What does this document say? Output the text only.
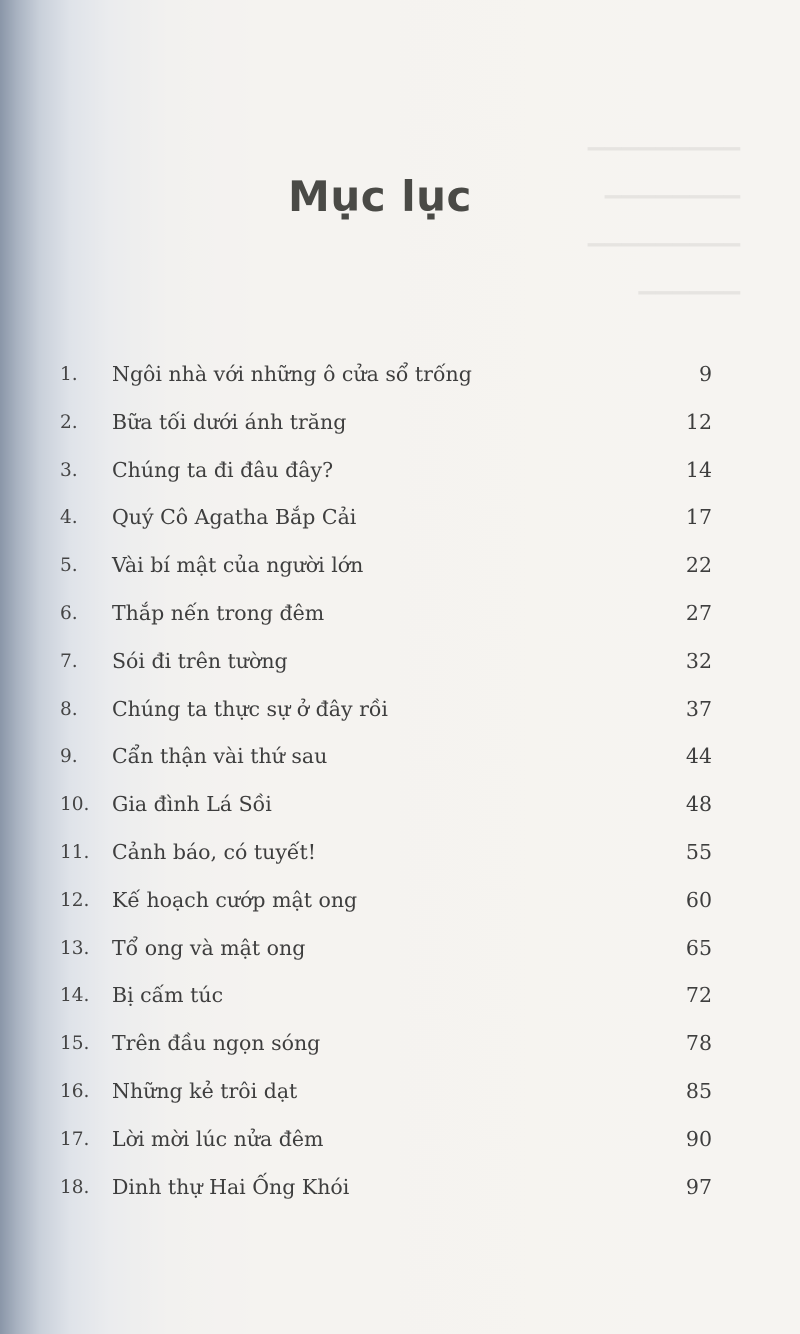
▁▁▁▁▁▁▁▁▁
▁▁▁▁▁▁▁▁
▁▁▁▁▁▁▁▁▁
▁▁▁▁▁▁
Mục lục
1. Ngôi nhà với những ô cửa sổ trống	9
2. Bữa tối dưới ánh trăng	12
3. Chúng ta đi đâu đây?	14
4. Quý Cô Agatha Bắp Cải	17
5. Vài bí mật của người lớn	22
6. Thắp nến trong đêm	27
7. Sói đi trên tường	32
8. Chúng ta thực sự ở đây rồi	37
9. Cẩn thận vài thứ sau	44
10. Gia đình Lá Sồi	48
11. Cảnh báo, có tuyết!	55
12. Kế hoạch cướp mật ong	60
13. Tổ ong và mật ong	65
14. Bị cấm túc	72
15. Trên đầu ngọn sóng	78
16. Những kẻ trôi dạt	85
17. Lời mời lúc nửa đêm	90
18. Dinh thự Hai Ống Khói	97
